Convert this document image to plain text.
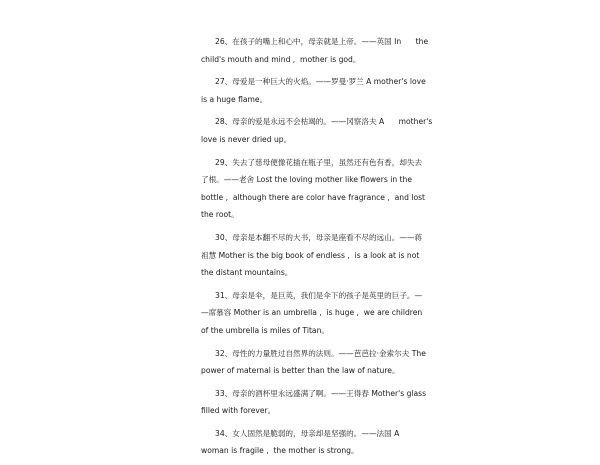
26、在孩子的嘴上和心中，母亲就是上帝。——英国 In      the
child's mouth and mind ,  mother is god。
27、母爱是一种巨大的火焰。——罗曼·罗兰 A mother's love
is a huge flame。
28、母亲的爱是永远不会枯竭的。——冈察洛夫 A      mother's
love is never dried up。
29、失去了慈母便像花插在瓶子里，虽然还有色有香，却失去
了根。——老舍 Lost the loving mother like flowers in the
bottle ,  although there are color have fragrance ,  and lost
the root。
30、母亲是本翻不尽的大书，母亲是座看不尽的远山。——蒋
祖慧 Mother is the big book of endless ,  is a look at is not
the distant mountains。
31、母亲是伞，是巨英，我们是伞下的孩子是英里的巨子。—
—席慕容 Mother is an umbrella ,  is huge ,  we are children
of the umbrella is miles of Titan。
32、母性的力量胜过自然界的法则。——芭芭拉·金索尔夫 The
power of maternal is better than the law of nature。
33、母亲的酒杯里永远盛满了啊。——王得春 Mother's glass
filled with forever。
34、女人固然是脆弱的，母亲却是坚强的。——法国 A
woman is fragile ,  the mother is strong。
